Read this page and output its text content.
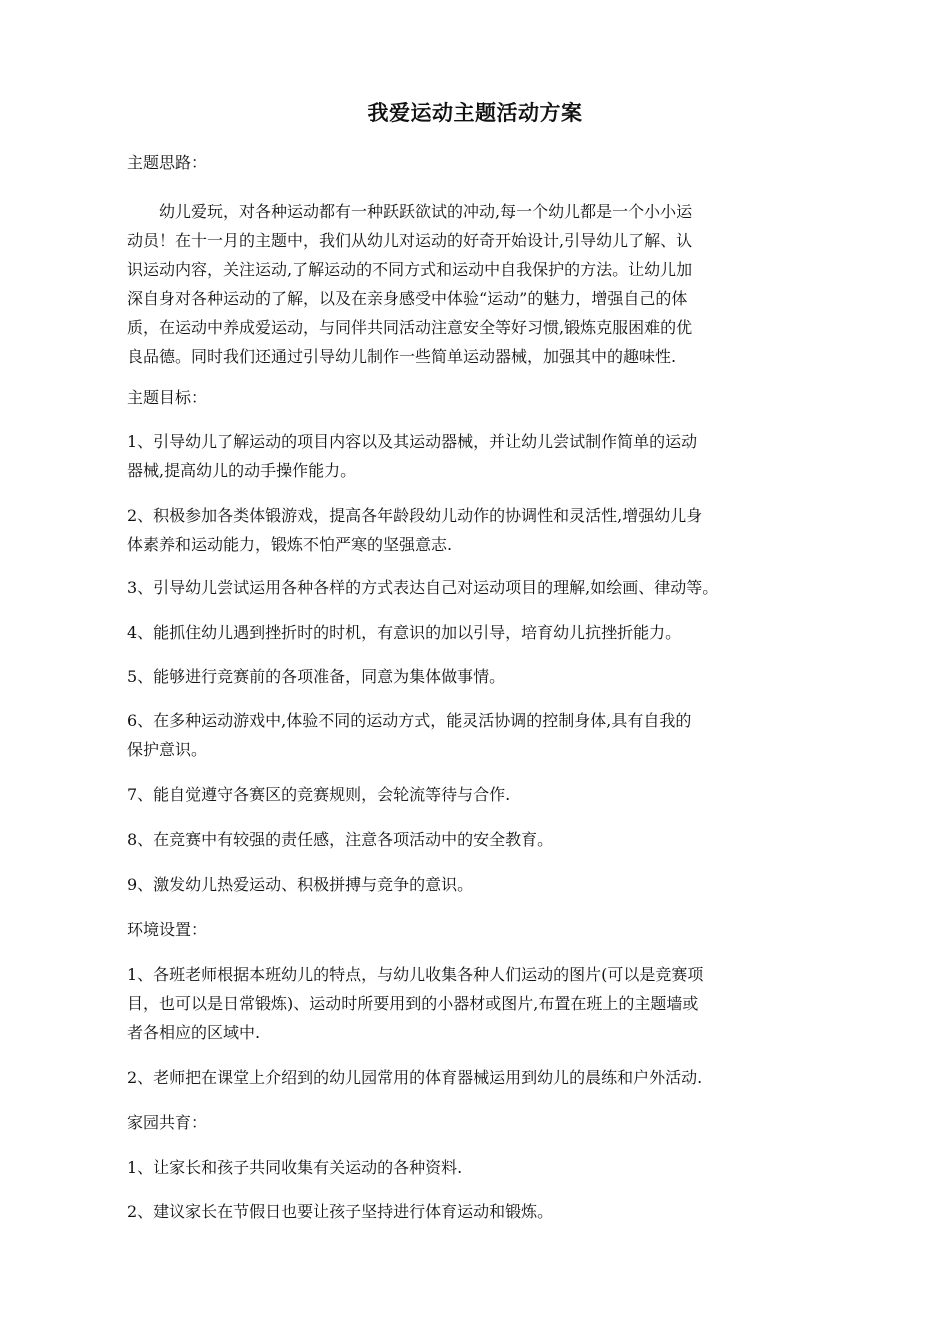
我爱运动主题活动方案

主题思路：

　　幼儿爱玩，对各种运动都有一种跃跃欲试的冲动,每一个幼儿都是一个小小运
动员！在十一月的主题中，我们从幼儿对运动的好奇开始设计,引导幼儿了解、认
识运动内容，关注运动,了解运动的不同方式和运动中自我保护的方法。让幼儿加
深自身对各种运动的了解，以及在亲身感受中体验“运动”的魅力，增强自己的体
质，在运动中养成爱运动，与同伴共同活动注意安全等好习惯,锻炼克服困难的优
良品德。同时我们还通过引导幼儿制作一些简单运动器械，加强其中的趣味性.

主题目标：

1、引导幼儿了解运动的项目内容以及其运动器械，并让幼儿尝试制作简单的运动
器械,提高幼儿的动手操作能力。

2、积极参加各类体锻游戏，提高各年龄段幼儿动作的协调性和灵活性,增强幼儿身
体素养和运动能力，锻炼不怕严寒的坚强意志.

3、引导幼儿尝试运用各种各样的方式表达自己对运动项目的理解,如绘画、律动等。

4、能抓住幼儿遇到挫折时的时机，有意识的加以引导，培育幼儿抗挫折能力。

5、能够进行竞赛前的各项准备，同意为集体做事情。

6、在多种运动游戏中,体验不同的运动方式，能灵活协调的控制身体,具有自我的
保护意识。

7、能自觉遵守各赛区的竞赛规则，会轮流等待与合作.

8、在竞赛中有较强的责任感，注意各项活动中的安全教育。

9、激发幼儿热爱运动、积极拼搏与竞争的意识。

环境设置：

1、各班老师根据本班幼儿的特点，与幼儿收集各种人们运动的图片(可以是竞赛项
目，也可以是日常锻炼)、运动时所要用到的小器材或图片,布置在班上的主题墙或
者各相应的区域中.

2、老师把在课堂上介绍到的幼儿园常用的体育器械运用到幼儿的晨练和户外活动.

家园共育：

1、让家长和孩子共同收集有关运动的各种资料.

2、建议家长在节假日也要让孩子坚持进行体育运动和锻炼。
